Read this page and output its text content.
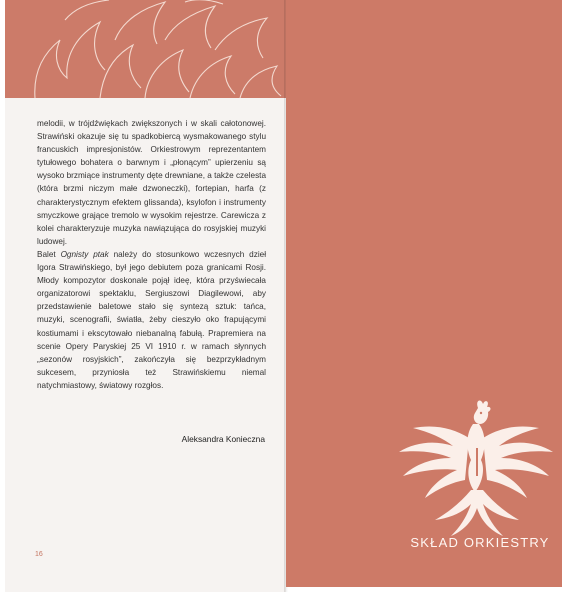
melodii, w trójdźwiękach zwiększonych i w skali całotonowej. Strawiński okazuje się tu spadkobiercą wysmakowanego stylu francuskich impresjonistów. Orkiestrowym reprezentantem tytułowego bohatera o barwnym i „płonącym” upierzeniu są wysoko brzmiące instrumenty dęte drewniane, a także czelesta (która brzmi niczym małe dzwoneczki), fortepian, harfa (z charakterystycznym efektem glissanda), ksylofon i instrumenty smyczkowe grające tremolo w wysokim rejestrze. Carewicza z kolei charakteryzuje muzyka nawiązująca do rosyjskiej muzyki ludowej.

Balet Ognisty ptak należy do stosunkowo wczesnych dzieł Igora Strawińskiego, był jego debiutem poza granicami Rosji. Młody kompozytor doskonale pojął ideę, która przyświecała organizatorowi spektaklu, Sergiuszowi Diagilewowi, aby przedstawienie baletowe stało się syntezą sztuk: tańca, muzyki, scenografii, światła, żeby cieszyło oko frapującymi kostiumami i ekscytowało niebanalną fabułą. Prapremiera na scenie Opery Paryskiej 25 VI 1910 r. w ramach słynnych „sezonów rosyjskich”, zakończyła się bezprzykładnym sukcesem, przyniosła też Strawińskiemu niemal natychmiastowy, światowy rozgłos.

Aleksandra Konieczna
16
SKŁAD ORKIESTRY
